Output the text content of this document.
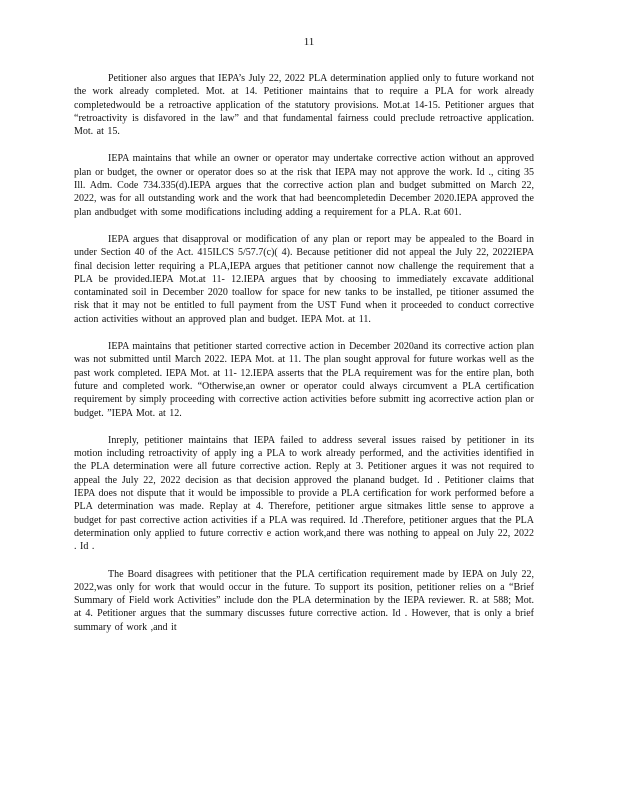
11

Petitioner also argues that IEPA’s July 22, 2022 PLA determination applied only to future workand not the work already completed. Mot. at 14. Petitioner maintains that to require a PLA for work already completedwould be a retroactive application of the statutory provisions. Mot.at 14-15. Petitioner argues that “retroactivity is disfavored in the law” and that fundamental fairness could preclude retroactive application. Mot. at 15.

IEPA maintains that while an owner or operator may undertake corrective action without an approved plan or budget, the owner or operator does so at the risk that IEPA may not approve the work. Id ., citing 35 Ill. Adm. Code 734.335(d).IEPA argues that the corrective action plan and budget submitted on March 22, 2022, was for all outstanding work and the work that had beencompletedin December 2020.IEPA approved the plan andbudget with some modifications including adding a requirement for a PLA. R.at 601.

IEPA argues that disapproval or modification of any plan or report may be appealed to the Board in under Section 40 of the Act. 415ILCS 5/57.7(c)( 4). Because petitioner did not appeal the July 22, 2022IEPA final decision letter requiring a PLA,IEPA argues that petitioner cannot now challenge the requirement that a PLA be provided.IEPA Mot.at 11- 12.IEPA argues that by choosing to immediately excavate additional contaminated soil in December 2020 toallow for space for new tanks to be installed, pe titioner assumed the risk that it may not be entitled to full payment from the UST Fund when it proceeded to conduct corrective action activities without an approved plan and budget. IEPA Mot. at 11.

IEPA maintains that petitioner started corrective action in December 2020and its corrective action plan was not submitted until March 2022. IEPA Mot. at 11. The plan sought approval for future workas well as the past work completed. IEPA Mot. at 11- 12.IEPA asserts that the PLA requirement was for the entire plan, both future and completed work. “Otherwise,an owner or operator could always circumvent a PLA certification requirement by simply proceeding with corrective action activities before submitt ing acorrective action plan or budget. ”IEPA Mot. at 12.

Inreply, petitioner maintains that IEPA failed to address several issues raised by petitioner in its motion including retroactivity of apply ing a PLA to work already performed, and the activities identified in the PLA determination were all future corrective action. Reply at 3. Petitioner argues it was not required to appeal the July 22, 2022 decision as that decision approved the planand budget. Id . Petitioner claims that IEPA does not dispute that it would be impossible to provide a PLA certification for work performed before a PLA determination was made. Replay at 4. Therefore, petitioner argue sitmakes little sense to approve a budget for past corrective action activities if a PLA was required. Id .Therefore, petitioner argues that the PLA determination only applied to future correctiv e action work,and there was nothing to appeal on July 22, 2022 . Id .

The Board disagrees with petitioner that the PLA certification requirement made by IEPA on July 22, 2022,was only for work that would occur in the future. To support its position, petitioner relies on a “Brief Summary of Field work Activities” include don the PLA determination by the IEPA reviewer. R. at 588; Mot. at 4. Petitioner argues that the summary discusses future corrective action. Id . However, that is only a brief summary of work ,and it
